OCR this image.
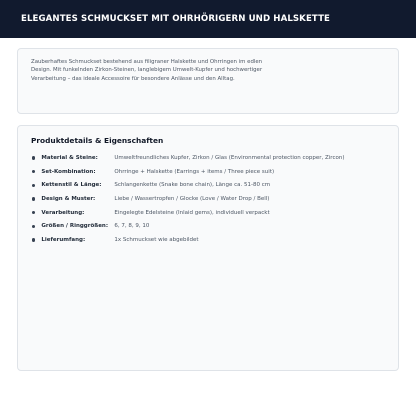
ELEGANTES SCHMUCKSET MIT OHRHÖRIGERN UND HALSKETTE

Zauberhaftes Schmuckset bestehend aus filigraner Halskette und Ohrringen im edlen Design. Mit funkelnden Zirkon-Steinen, langlebigem Umwelt-Kupfer und hochwertiger Verarbeitung – das ideale Accessoire für besondere Anlässe und den Alltag.

Produktdetails & Eigenschaften
Material & Steine:	Umweltfreundliches Kupfer, Zirkon / Glas (Environmental protection copper, Zircon)
Set-Kombination:	Ohrringe + Halskette (Earrings + items / Three piece suit)
Kettenstil & Länge:	Schlangenkette (Snake bone chain), Länge ca. 51-80 cm
Design & Muster:	Liebe / Wassertropfen / Glocke (Love / Water Drop / Bell)
Verarbeitung:	Eingelegte Edelsteine (Inlaid gems), individuell verpackt
Größen / Ringgrößen:	6, 7, 8, 9, 10
Lieferumfang:	1x Schmuckset wie abgebildet
